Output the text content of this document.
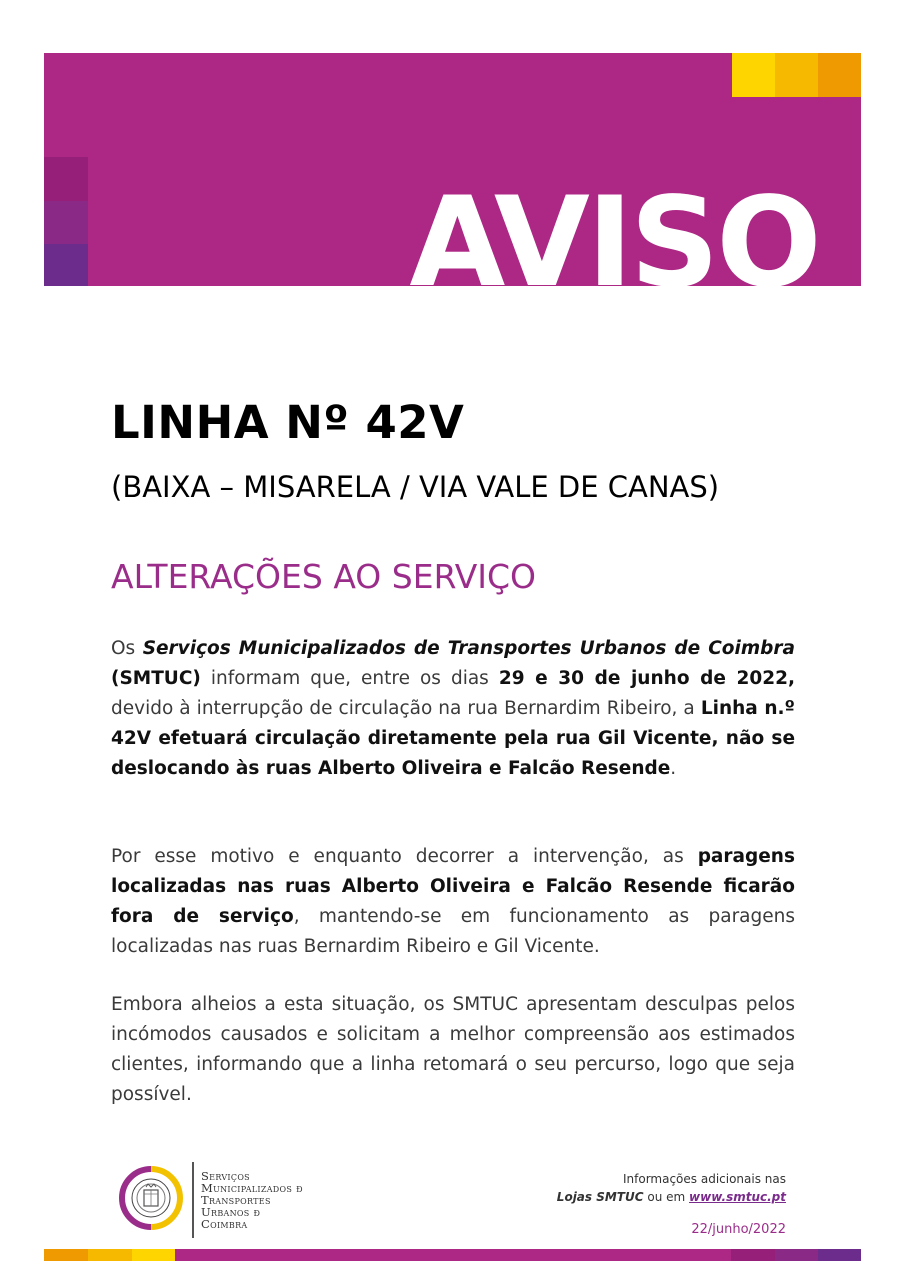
AVISO
LINHA Nº 42V
(BAIXA – MISARELA / VIA VALE DE CANAS)
ALTERAÇÕES AO SERVIÇO

Os Serviços Municipalizados de Transportes Urbanos de Coimbra (SMTUC) informam que, entre os dias 29 e 30 de junho de 2022, devido à interrupção de circulação na rua Bernardim Ribeiro, a Linha n.º 42V efetuará circulação diretamente pela rua Gil Vicente, não se deslocando às ruas Alberto Oliveira e Falcão Resende.

Por esse motivo e enquanto decorrer a intervenção, as paragens localizadas nas ruas Alberto Oliveira e Falcão Resende ficarão fora de serviço, mantendo-se em funcionamento as paragens localizadas nas ruas Bernardim Ribeiro e Gil Vicente.

Embora alheios a esta situação, os SMTUC apresentam desculpas pelos incómodos causados e solicitam a melhor compreensão aos estimados clientes, informando que a linha retomará o seu percurso, logo que seja possível.

Serviços
Municipalizados ð
Transportes
Urbanos ð
Coimbra
Informações adicionais nas
Lojas SMTUC ou em www.smtuc.pt
22/junho/2022
